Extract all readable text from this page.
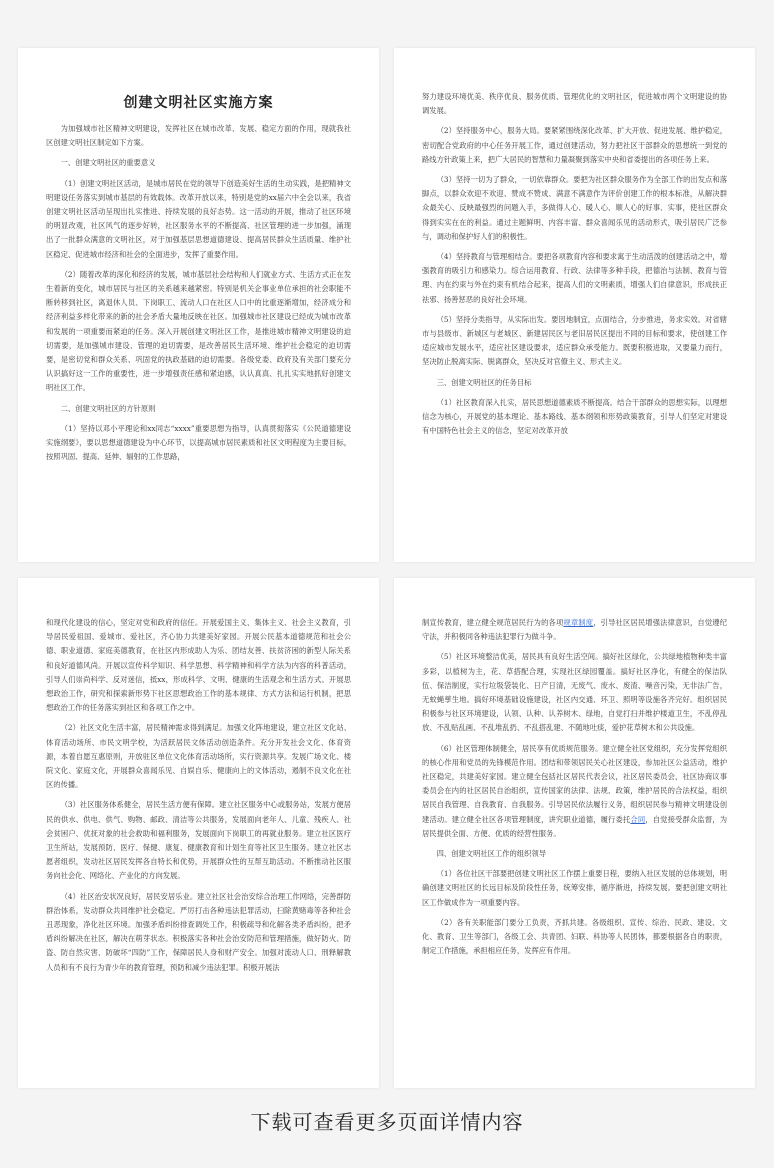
创建文明社区实施方案

为加强城市社区精神文明建设，发挥社区在城市改革、发展、稳定方面的作用，现就我社区创建文明社区制定如下方案。

一、创建文明社区的重要意义

（1）创建文明社区活动，是城市居民在党的领导下创造美好生活的生动实践，是把精神文明建设任务落实到城市基层的有效载体。改革开放以来，特别是党的xx届六中全会以来，我省创建文明社区活动呈现出扎实推进、持续发展的良好态势。这一活动的开展，推动了社区环境的明显改观，社区风气的逐步好转，社区服务水平的不断提高、社区管理的进一步加强，涌现出了一批群众满意的文明社区，对于加强基层思想道德建设、提高居民群众生活质量、维护社区稳定、促进城市经济和社会的全面进步，发挥了重要作用。

（2）随着改革的深化和经济的发展，城市基层社会结构和人们就业方式、生活方式正在发生着新的变化，城市居民与社区的关系越来越紧密。特别是机关企事业单位承担的社会职能不断转移到社区，离退休人员、下岗职工、流动人口在社区人口中的比重逐渐增加，经济成分和经济利益多样化带来的新的社会矛盾大量地反映在社区。加强城市社区建设已经成为城市改革和发展的一项重要而紧迫的任务。深入开展创建文明社区工作，是推进城市精神文明建设的迫切需要，是加强城市建设、管理的迫切需要，是改善居民生活环境、维护社会稳定的迫切需要，是密切党和群众关系、巩固党的执政基础的迫切需要。各级党委、政府及有关部门要充分认识搞好这一工作的重要性，进一步增强责任感和紧迫感，认认真真、扎扎实实地抓好创建文明社区工作。

二、创建文明社区的方针原则

（1）坚持以邓小平理论和xx同志“xxxx”重要思想为指导，认真贯彻落实《公民道德建设实施纲要》，要以思想道德建设为中心环节，以提高城市居民素质和社区文明程度为主要目标，按照巩固、提高、延伸、辐射的工作思路，

努力建设环境优美、秩序优良、服务优质、管理优化的文明社区，促进城市两个文明建设的协调发展。

（2）坚持服务中心，服务大局。要紧紧围绕深化改革、扩大开放、促进发展、维护稳定，密切配合党政府的中心任务开展工作，通过创建活动，努力把社区干部群众的思想统一到党的路线方针政策上来，把广大居民的智慧和力量凝聚到落实中央和省委提出的各项任务上来。

（3）坚持一切为了群众，一切依靠群众。要把为社区群众服务作为全部工作的出发点和落脚点，以群众欢迎不欢迎、赞成不赞成、满意不满意作为评价创建工作的根本标准，从解决群众最关心、反映最强烈的问题入手，多做得人心、暖人心、顺人心的好事、实事，使社区群众得到实实在在的利益。通过主题鲜明、内容丰富、群众喜闻乐见的活动形式，吸引居民广泛参与，调动和保护好人们的积极性。

（4）坚持教育与管理相结合。要把各项教育内容和要求寓于生动活泼的创建活动之中，增强教育的吸引力和感染力。综合运用教育、行政、法律等多种手段，把德治与法制、教育与管理、内在约束与外在约束有机结合起来，提高人们的文明素质，增强人们自律意识，形成扶正祛邪、扬善惩恶的良好社会环境。

（5）坚持分类指导，从实际出发。要因地制宜，点面结合，分步推进，务求实效。对省辖市与县级市、新城区与老城区、新建居民区与老旧居民区提出不同的目标和要求，使创建工作适应城市发展水平，适应社区建设要求，适应群众承受能力。既要积极进取，又要量力而行，坚决防止脱离实际、脱离群众，坚决反对官僚主义、形式主义。

三、创建文明社区的任务目标

（1）社区教育深入扎实，居民思想道德素质不断提高。结合干部群众的思想实际，以理想信念为核心，开展党的基本理论、基本路线、基本纲领和形势政策教育，引导人们坚定对建设有中国特色社会主义的信念，坚定对改革开放

和现代化建设的信心，坚定对党和政府的信任。开展爱国主义、集体主义、社会主义教育，引导居民爱祖国、爱城市、爱社区，齐心协力共建美好家园。开展公民基本道德规范和社会公德、职业道德、家庭美德教育，在社区内形成助人为乐、团结友善、扶贫济困的新型人际关系和良好道德风尚。开展以宣传科学知识、科学思想、科学精神和科学方法为内容的科普活动，引导人们崇尚科学、反对迷信，抵xx，形成科学、文明、健康的生活观念和生活方式。开展思想政治工作，研究和探索新形势下社区思想政治工作的基本规律、方式方法和运行机制，把思想政治工作的任务落实到社区和各项工作之中。

（2）社区文化生活丰富，居民精神需求得到满足。加强文化阵地建设，建立社区文化站、体育活动场所、市民文明学校，为活跃居民文体活动创造条件。充分开发社会文化、体育资源，本着自愿互惠原则，开放驻区单位文化体育活动场所，实行资源共享。发展广场文化、楼院文化、家庭文化，开展群众喜闻乐见、自娱自乐、健康向上的文体活动，遏制不良文化在社区的传播。

（3）社区服务体系健全，居民生活方便有保障。建立社区服务中心或服务站，发展方便居民的供水、供电、供气、购物、邮政、清洁等公共服务，发展面向老年人、儿童、残疾人、社会贫困户、优抚对象的社会救助和福利服务，发展面向下岗职工的再就业服务。建立社区医疗卫生所站，发展预防、医疗、保健、康复、健康教育和计划生育等社区卫生服务。建立社区志愿者组织，发动社区居民发挥各自特长和优势，开展群众性的互帮互助活动。不断推动社区服务向社会化、网络化、产业化的方向发展。

（4）社区治安状况良好，居民安居乐业。建立社区社会治安综合治理工作网络，完善群防群治体系，发动群众共同维护社会稳定。严厉打击各种违法犯罪活动，扫除黄赌毒等各种社会丑恶现象，净化社区环境。加强矛盾纠纷排查调处工作，积极疏导和化解各类矛盾纠纷，把矛盾纠纷解决在社区，解决在萌芽状态。积极落实各种社会治安防范和管理措施，做好防火、防盗、防自然灾害、防破坏“四防”工作，保障居民人身和财产安全。加强对流动人口、刑释解教人员和有不良行为青少年的教育管理，预防和减少违法犯罪。积极开展法

制宣传教育，建立健全规范居民行为的各项规章制度，引导社区居民增强法律意识，自觉遵纪守法，并积极同各种违法犯罪行为做斗争。

（5）社区环境整洁优美，居民具有良好生活空间。搞好社区绿化，公共绿地植物种类丰富多彩，以植树为主，花、草搭配合理，实现社区绿园覆盖。搞好社区净化，有健全的保洁队伍、保洁制度，实行垃圾袋装化、日产日清，无废气、废水、废渣、噪音污染，无非法广告，无蚊蝇孳生地。搞好环境基础设施建设，社区内交通、环卫、照明等设施各齐完好。组织居民积极参与社区环境建设，认领、认种、认养树木、绿地，自觉打扫并维护楼道卫生，不乱停乱放、不乱贴乱画、不乱堆乱扔、不乱搭乱建、不随地吐痰，爱护花草树木和公共设施。

（6）社区管理体制健全，居民享有优质规范服务。建立健全社区党组织，充分发挥党组织的核心作用和党员的先锋模范作用。团结和带领居民关心社区建设，参加社区公益活动，维护社区稳定，共建美好家园。建立健全包括社区居民代表会议，社区居民委员会，社区协商议事委员会在内的社区居民自治组织，宣传国家的法律、法规、政策，维护居民的合法权益，组织居民自我管理、自我教育、自我服务。引导居民依法履行义务，组织居民参与精神文明建设创建活动。建立健全社区各项管理制度，讲究职业道德，履行委托合同，自觉接受群众监督，为居民提供全面、方便、优质的经营性服务。

四、创建文明社区工作的组织领导

（1）各位社区干部要把创建文明社区工作摆上重要日程，要纳入社区发展的总体规划，明确创建文明社区的长远目标及阶段性任务，统筹安排，循序渐进，持续发展。要把创建文明社区工作做成作为一项重要内容。

（2）各有关职能部门要分工负责，齐抓共建。各级组织、宣传、综治、民政、建设、文化、教育、卫生等部门，各级工会、共青团、妇联、科协等人民团体，都要根据各自的职责，制定工作措施，承担相应任务，发挥应有作用。

下载可查看更多页面详情内容
